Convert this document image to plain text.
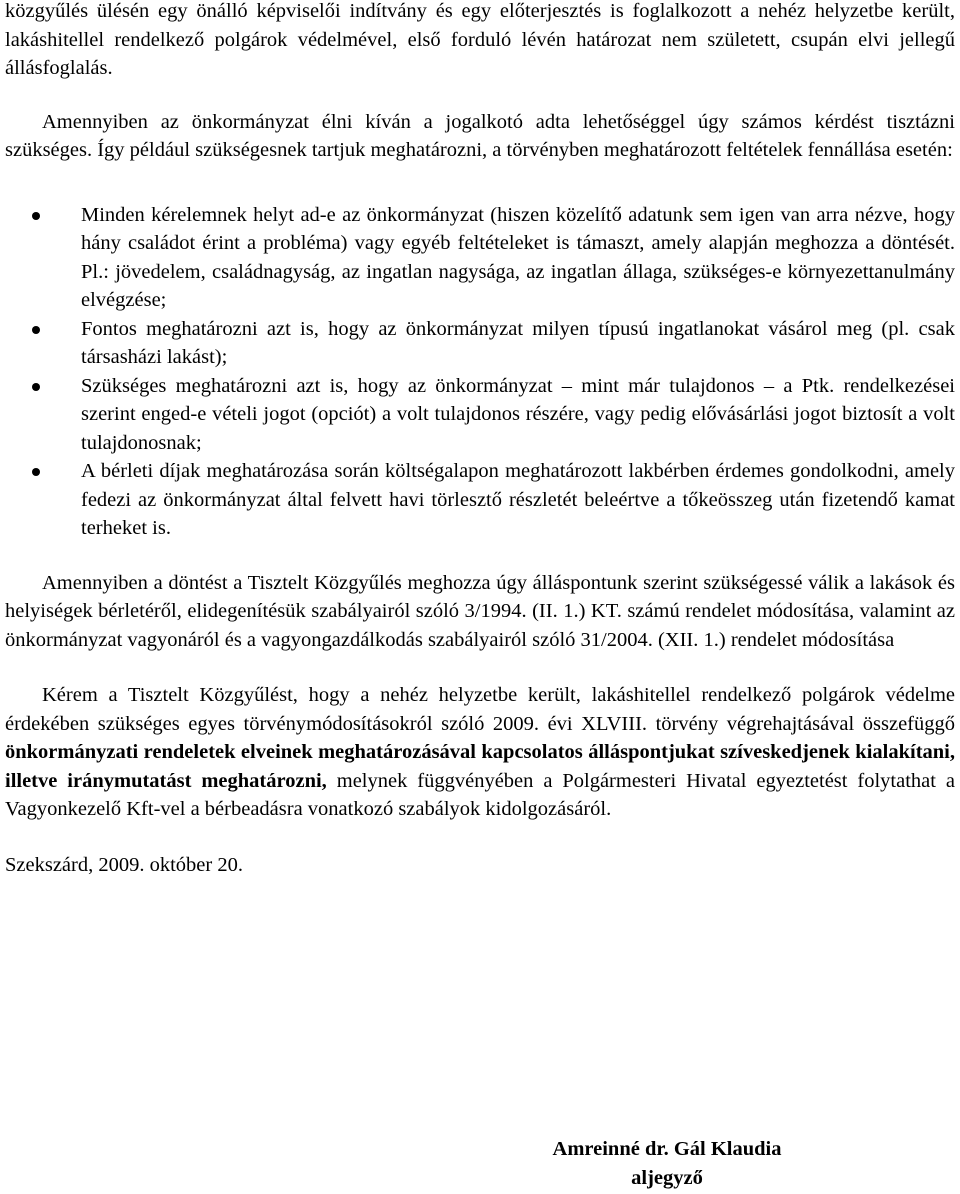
közgyűlés ülésén egy önálló képviselői indítvány és egy előterjesztés is foglalkozott a nehéz helyzetbe került, lakáshitellel rendelkező polgárok védelmével, első forduló lévén határozat nem született, csupán elvi jellegű állásfoglalás.

Amennyiben az önkormányzat élni kíván a jogalkotó adta lehetőséggel úgy számos kérdést tisztázni szükséges. Így például szükségesnek tartjuk meghatározni, a törvényben meghatározott feltételek fennállása esetén:

Minden kérelemnek helyt ad-e az önkormányzat (hiszen közelítő adatunk sem igen van arra nézve, hogy hány családot érint a probléma) vagy egyéb feltételeket is támaszt, amely alapján meghozza a döntését. Pl.: jövedelem, családnagyság, az ingatlan nagysága, az ingatlan állaga, szükséges-e környezettanulmány elvégzése;
Fontos meghatározni azt is, hogy az önkormányzat milyen típusú ingatlanokat vásárol meg (pl. csak társasházi lakást);
Szükséges meghatározni azt is, hogy az önkormányzat – mint már tulajdonos – a Ptk. rendelkezései szerint enged-e vételi jogot (opciót) a volt tulajdonos részére, vagy pedig elővásárlási jogot biztosít a volt tulajdonosnak;
A bérleti díjak meghatározása során költségalapon meghatározott lakbérben érdemes gondolkodni, amely fedezi az önkormányzat által felvett havi törlesztő részletét beleértve a tőkeösszeg után fizetendő kamat terheket is.

Amennyiben a döntést a Tisztelt Közgyűlés meghozza úgy álláspontunk szerint szükségessé válik a lakások és helyiségek bérletéről, elidegenítésük szabályairól szóló 3/1994. (II. 1.) KT. számú rendelet módosítása, valamint az önkormányzat vagyonáról és a vagyongazdálkodás szabályairól szóló 31/2004. (XII. 1.) rendelet módosítása

Kérem a Tisztelt Közgyűlést, hogy a nehéz helyzetbe került, lakáshitellel rendelkező polgárok védelme érdekében szükséges egyes törvénymódosításokról szóló 2009. évi XLVIII. törvény végrehajtásával összefüggő önkormányzati rendeletek elveinek meghatározásával kapcsolatos álláspontjukat szíveskedjenek kialakítani, illetve iránymutatást meghatározni, melynek függvényében a Polgármesteri Hivatal egyeztetést folytathat a Vagyonkezelő Kft-vel a bérbeadásra vonatkozó szabályok kidolgozásáról.

Szekszárd, 2009. október 20.

Amreinné dr. Gál Klaudia
aljegyző
